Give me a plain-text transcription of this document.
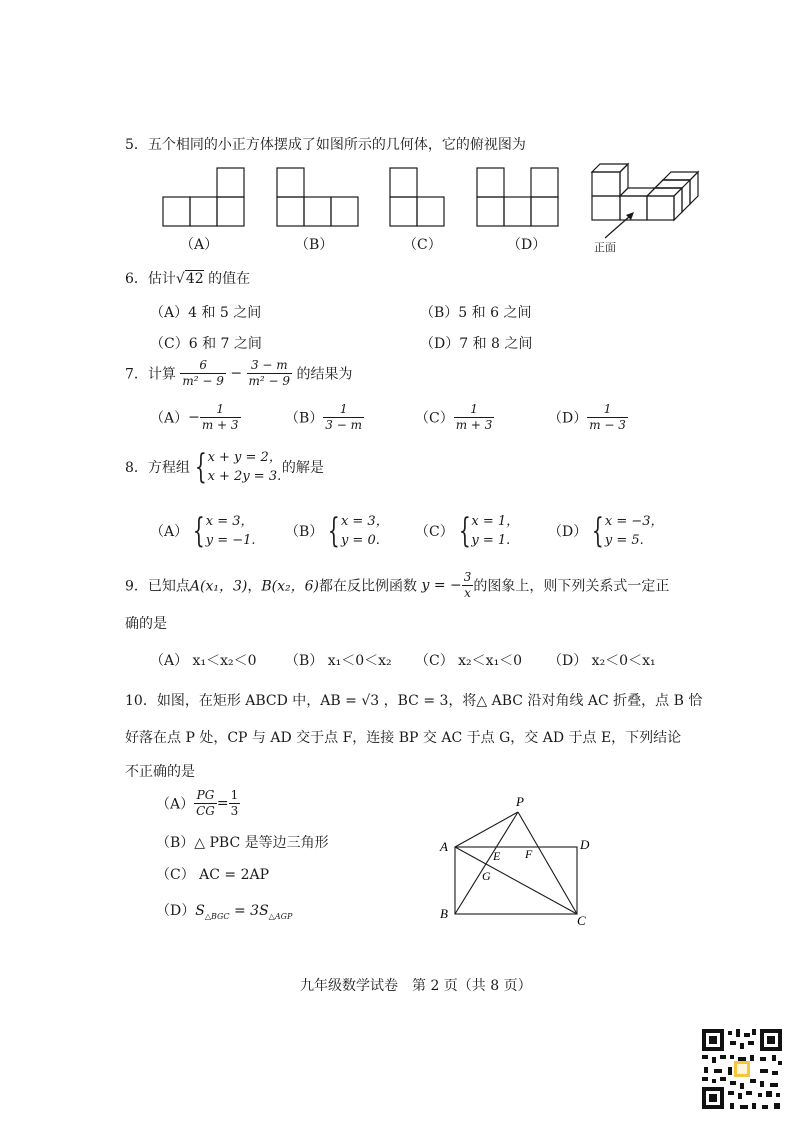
5．五个相同的小正方体摆成了如图所示的几何体，它的俯视图为
（A）	（B）	（C）	（D）	正面
6．估计√42 的值在
（A）4 和 5 之间	（B）5 和 6 之间
（C）6 和 7 之间	（D）7 和 8 之间
7．计算 $\frac{6}{\text{m² − 9}} - \frac{3 - m}{\text{m² − 9}}$ 的结果为
$(A)- \frac{1}{m + 3}$	$(B) \frac{1}{3 - m}$	$(C) \frac{1}{m + 3}$	$(D) \frac{1}{m - 3}$
8．方程组 { x + y = 2，
x + 2y = 3.
的解是
（A） { x = 3，
y = −1.
（B） { x = 3，
y = 0.
（C） { x = 1，
y = 1.
（D） { x = −3，
y = 5.
9．已知点A(x₁，3)，B(x₂，6)都在反比例函数 y = − $\frac{3}{x}$ 的图象上，则下列关系式一定正
确的是
（A） x₁＜x₂＜0 （B） x₁＜0＜x₂ （C） x₂＜x₁＜0 （D） x₂＜0＜x₁
10．如图，在矩形 ABCD 中，AB = √3 ，BC = 3，将△ ABC 沿对角线 AC 折叠，点 B 恰
好落在点 P 处，CP 与 AD 交于点 F，连接 BP 交 AC 于点 G，交 AD 于点 E，下列结论
不正确的是
$(A) \frac{PG}{CG} = \frac{1}{3}$
（B）△ PBC 是等边三角形
（C） AC = 2AP
$(D)S_{\triangle BGC} = 3S_{\triangle AGP}$
P
A	D
E F
G
B	C
九年级数学试卷　第 2 页（共 8 页）
